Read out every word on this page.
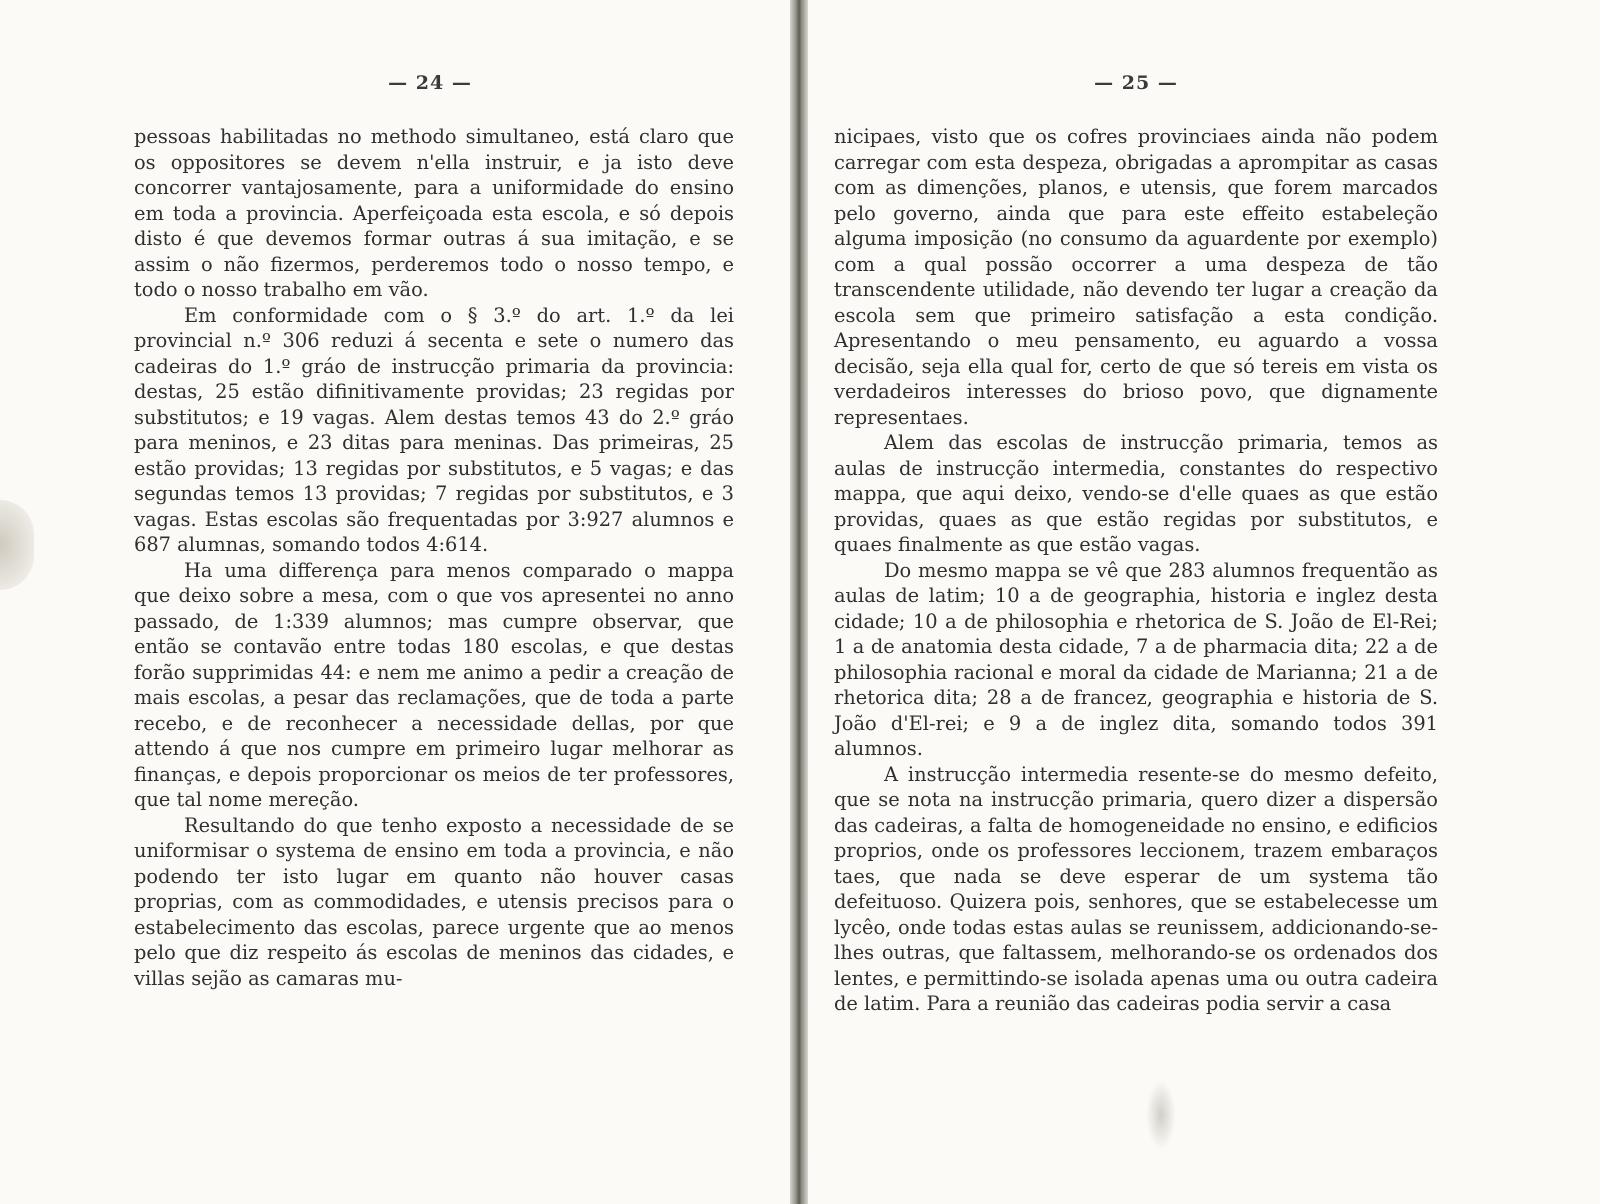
— 24 —

pessoas habilitadas no methodo simultaneo, está claro que os oppositores se devem n'ella instruir, e ja isto deve concorrer vantajosamente, para a uniformidade do ensino em toda a provincia. Aperfeiçoada esta escola, e só depois disto é que devemos formar outras á sua imitação, e se assim o não fizermos, perderemos todo o nosso tempo, e todo o nosso trabalho em vão.

Em conformidade com o § 3.º do art. 1.º da lei provincial n.º 306 reduzi á secenta e sete o numero das cadeiras do 1.º gráo de instrucção primaria da provincia: destas, 25 estão difinitivamente providas; 23 regidas por substitutos; e 19 vagas. Alem destas temos 43 do 2.º gráo para meninos, e 23 ditas para meninas. Das primeiras, 25 estão providas; 13 regidas por substitutos, e 5 vagas; e das segundas temos 13 providas; 7 regidas por substitutos, e 3 vagas. Estas escolas são frequentadas por 3:927 alumnos e 687 alumnas, somando todos 4:614.

Ha uma differença para menos comparado o mappa que deixo sobre a mesa, com o que vos apresentei no anno passado, de 1:339 alumnos; mas cumpre observar, que então se contavão entre todas 180 escolas, e que destas forão supprimidas 44: e nem me animo a pedir a creação de mais escolas, a pesar das reclamações, que de toda a parte recebo, e de reconhecer a necessidade dellas, por que attendo á que nos cumpre em primeiro lugar melhorar as finanças, e depois proporcionar os meios de ter professores, que tal nome mereção.

Resultando do que tenho exposto a necessidade de se uniformisar o systema de ensino em toda a provincia, e não podendo ter isto lugar em quanto não houver casas proprias, com as commodidades, e utensis precisos para o estabelecimento das escolas, parece urgente que ao menos pelo que diz respeito ás escolas de meninos das cidades, e villas sejão as camaras mu-

— 25 —

nicipaes, visto que os cofres provinciaes ainda não podem carregar com esta despeza, obrigadas a aprompitar as casas com as dimenções, planos, e utensis, que forem marcados pelo governo, ainda que para este effeito estabeleção alguma imposição (no consumo da aguardente por exemplo) com a qual possão occorrer a uma despeza de tão transcendente utilidade, não devendo ter lugar a creação da escola sem que primeiro satisfação a esta condição. Apresentando o meu pensamento, eu aguardo a vossa decisão, seja ella qual for, certo de que só tereis em vista os verdadeiros interesses do brioso povo, que dignamente representaes.

Alem das escolas de instrucção primaria, temos as aulas de instrucção intermedia, constantes do respectivo mappa, que aqui deixo, vendo-se d'elle quaes as que estão providas, quaes as que estão regidas por substitutos, e quaes finalmente as que estão vagas.

Do mesmo mappa se vê que 283 alumnos frequentão as aulas de latim; 10 a de geographia, historia e inglez desta cidade; 10 a de philosophia e rhetorica de S. João de El-Rei; 1 a de anatomia desta cidade, 7 a de pharmacia dita; 22 a de philosophia racional e moral da cidade de Marianna; 21 a de rhetorica dita; 28 a de francez, geographia e historia de S. João d'El-rei; e 9 a de inglez dita, somando todos 391 alumnos.

A instrucção intermedia resente-se do mesmo defeito, que se nota na instrucção primaria, quero dizer a dispersão das cadeiras, a falta de homogeneidade no ensino, e edificios proprios, onde os professores leccionem, trazem embaraços taes, que nada se deve esperar de um systema tão defeituoso. Quizera pois, senhores, que se estabelecesse um lycêo, onde todas estas aulas se reunissem, addicionando-se-lhes outras, que faltassem, melhorando-se os ordenados dos lentes, e permittindo-se isolada apenas uma ou outra cadeira de latim. Para a reunião das cadeiras podia servir a casa
